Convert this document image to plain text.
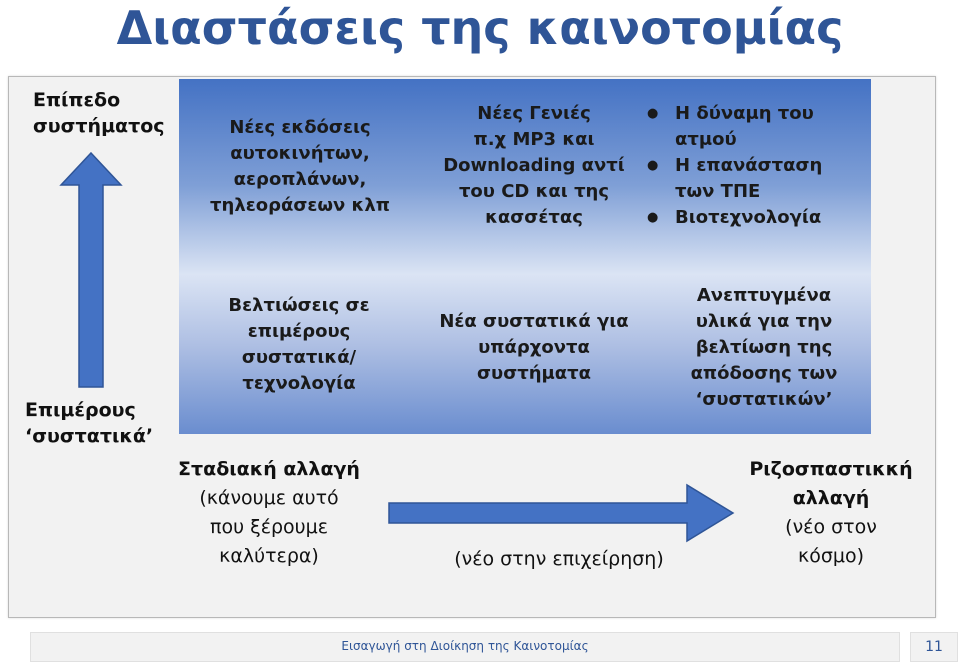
Διαστάσεις της καινοτομίας
Επίπεδο
συστήματος
Επιμέρους
‘συστατικά’
Νέες εκδόσεις
αυτοκινήτων,
αεροπλάνων,
τηλεοράσεων κλπ
Νέες Γενιές
π.χ MP3 και
Downloading αντί
του CD και της
κασσέτας
● Η δύναμη του
ατμού
● Η επανάσταση
των ΤΠΕ
● Βιοτεχνολογία
Βελτιώσεις σε
επιμέρους
συστατικά/
τεχνολογία
Νέα συστατικά για
υπάρχοντα
συστήματα
Ανεπτυγμένα
υλικά για την
βελτίωση της
απόδοσης των
‘συστατικών’
Σταδιακή αλλαγή
(κάνουμε αυτό
που ξέρουμε
καλύτερα)	(νέο στην επιχείρηση)
Ριζοσπαστικκή
αλλαγή
(νέο στον
κόσμο)
Εισαγωγή στη Διοίκηση της Καινοτομίας	11
